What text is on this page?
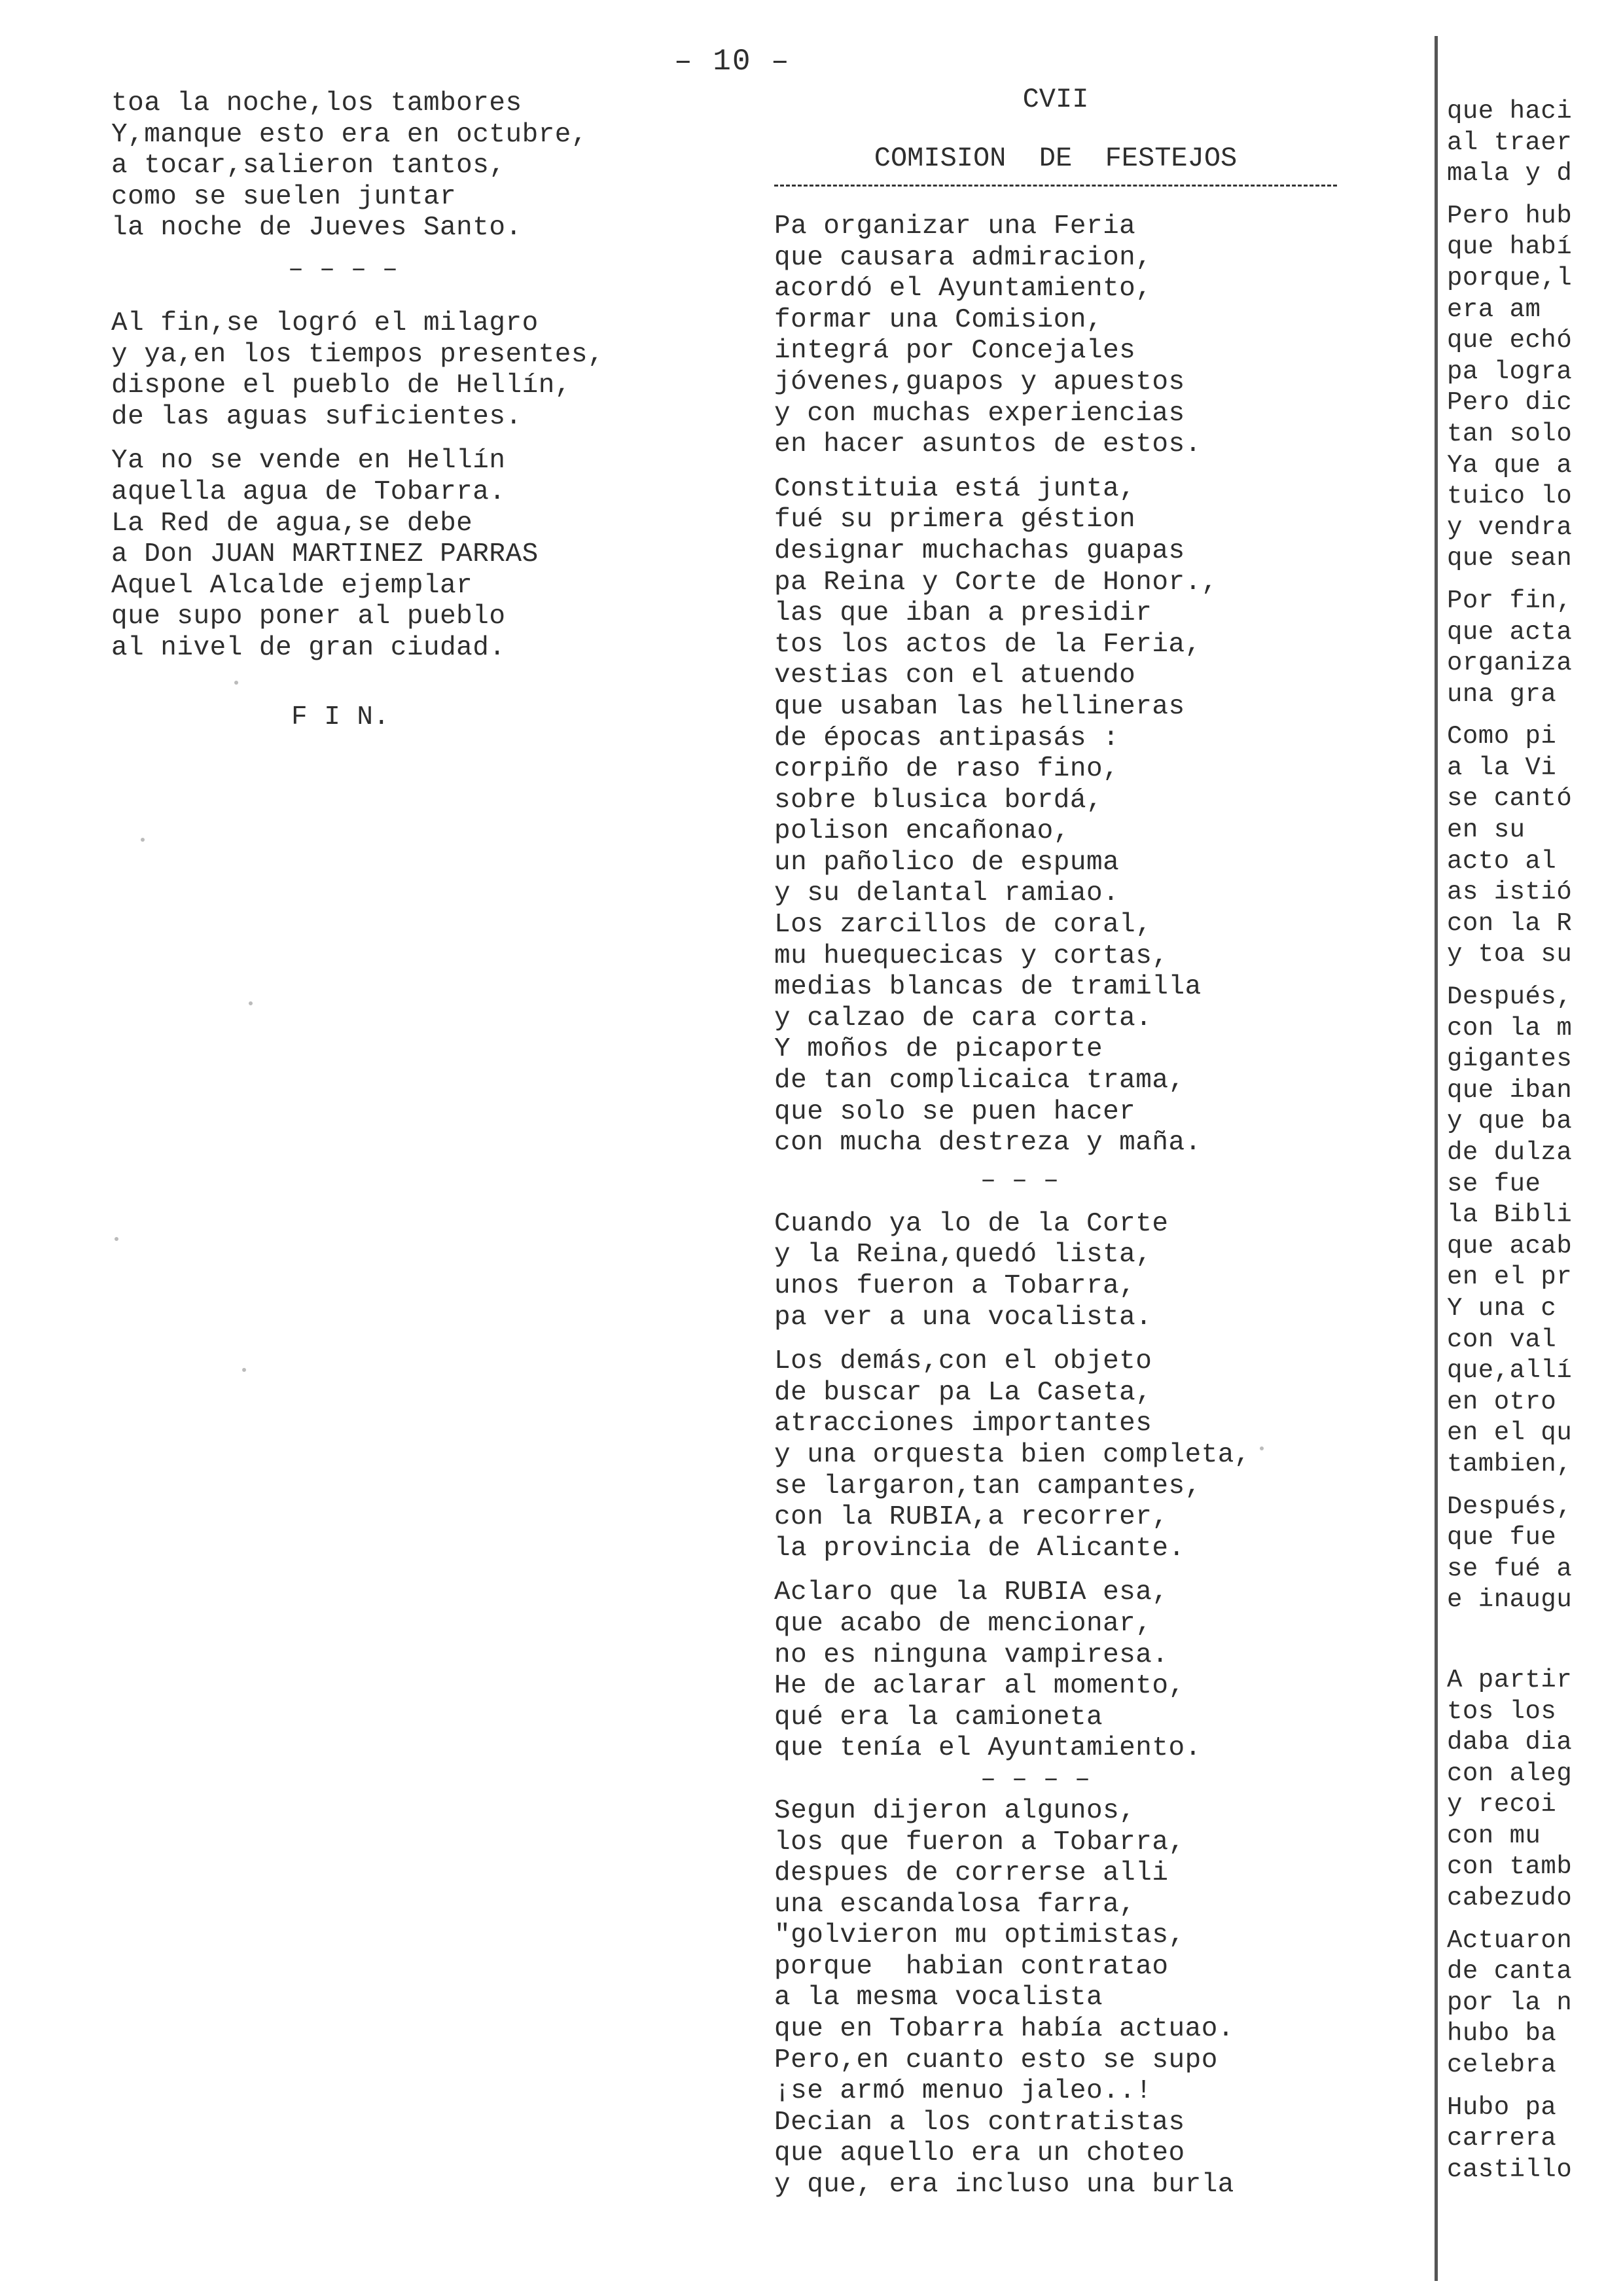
– 10 –
toa la noche,los tambores
Y,manque esto era en octubre,
a tocar,salieron tantos,
como se suelen juntar
la noche de Jueves Santo.
– – – –
Al fin,se logró el milagro
y ya,en los tiempos presentes,
dispone el pueblo de Hellín,
de las aguas suficientes.
Ya no se vende en Hellín
aquella agua de Tobarra.
La Red de agua,se debe
a Don JUAN MARTINEZ PARRAS
Aquel Alcalde ejemplar
que supo poner al pueblo
al nivel de gran ciudad.
F I N.
CVII
COMISION  DE  FESTEJOS
Pa organizar una Feria
que causara admiracion,
acordó el Ayuntamiento,
formar una Comision,
integrá por Concejales
jóvenes,guapos y apuestos
y con muchas experiencias
en hacer asuntos de estos.
Constituia está junta,
fué su primera géstion
designar muchachas guapas
pa Reina y Corte de Honor.,
las que iban a presidir
tos los actos de la Feria,
vestias con el atuendo
que usaban las hellineras
de épocas antipasás :
corpiño de raso fino,
sobre blusica bordá,
polison encañonao,
un pañolico de espuma
y su delantal ramiao.
Los zarcillos de coral,
mu huequecicas y cortas,
medias blancas de tramilla
y calzao de cara corta.
Y moños de picaporte
de tan complicaica trama,
que solo se puen hacer
con mucha destreza y maña.
– – –
Cuando ya lo de la Corte
y la Reina,quedó lista,
unos fueron a Tobarra,
pa ver a una vocalista.
Los demás,con el objeto
de buscar pa La Caseta,
atracciones importantes
y una orquesta bien completa,
se largaron,tan campantes,
con la RUBIA,a recorrer,
la provincia de Alicante.
Aclaro que la RUBIA esa,
que acabo de mencionar,
no es ninguna vampiresa.
He de aclarar al momento,
qué era la camioneta
que tenía el Ayuntamiento.
– – – –
Segun dijeron algunos,
los que fueron a Tobarra,
despues de correrse alli
una escandalosa farra,
"golvieron mu optimistas,
porque  habian contratao
a la mesma vocalista
que en Tobarra había actuao.
Pero,en cuanto esto se supo
¡se armó menuo jaleo..!
Decian a los contratistas
que aquello era un choteo
y que, era incluso una burla
que haci
al traer
mala y d
Pero hub
que habí
porque,l
era am
que echó
pa logra
Pero dic
tan solo
Ya que a
tuico lo
y vendra
que sean
Por fin,
que acta
organiza
una gra
Como pi
a la Vi
se cantó
en su
acto al
as istió
con la R
y toa su
Después,
con la m
gigantes
que iban
y que ba
de dulza
se fue
la Bibli
que acab
en el pr
Y una c
con val
que,allí
en otro
en el qu
tambien,
Después,
que fue
se fué a
e inaugu
A partir
tos los
daba dia
con aleg
y recoi
con mu
con tamb
cabezudo
Actuaron
de canta
por la n
hubo ba
celebra
Hubo pa
carrera
castillo
